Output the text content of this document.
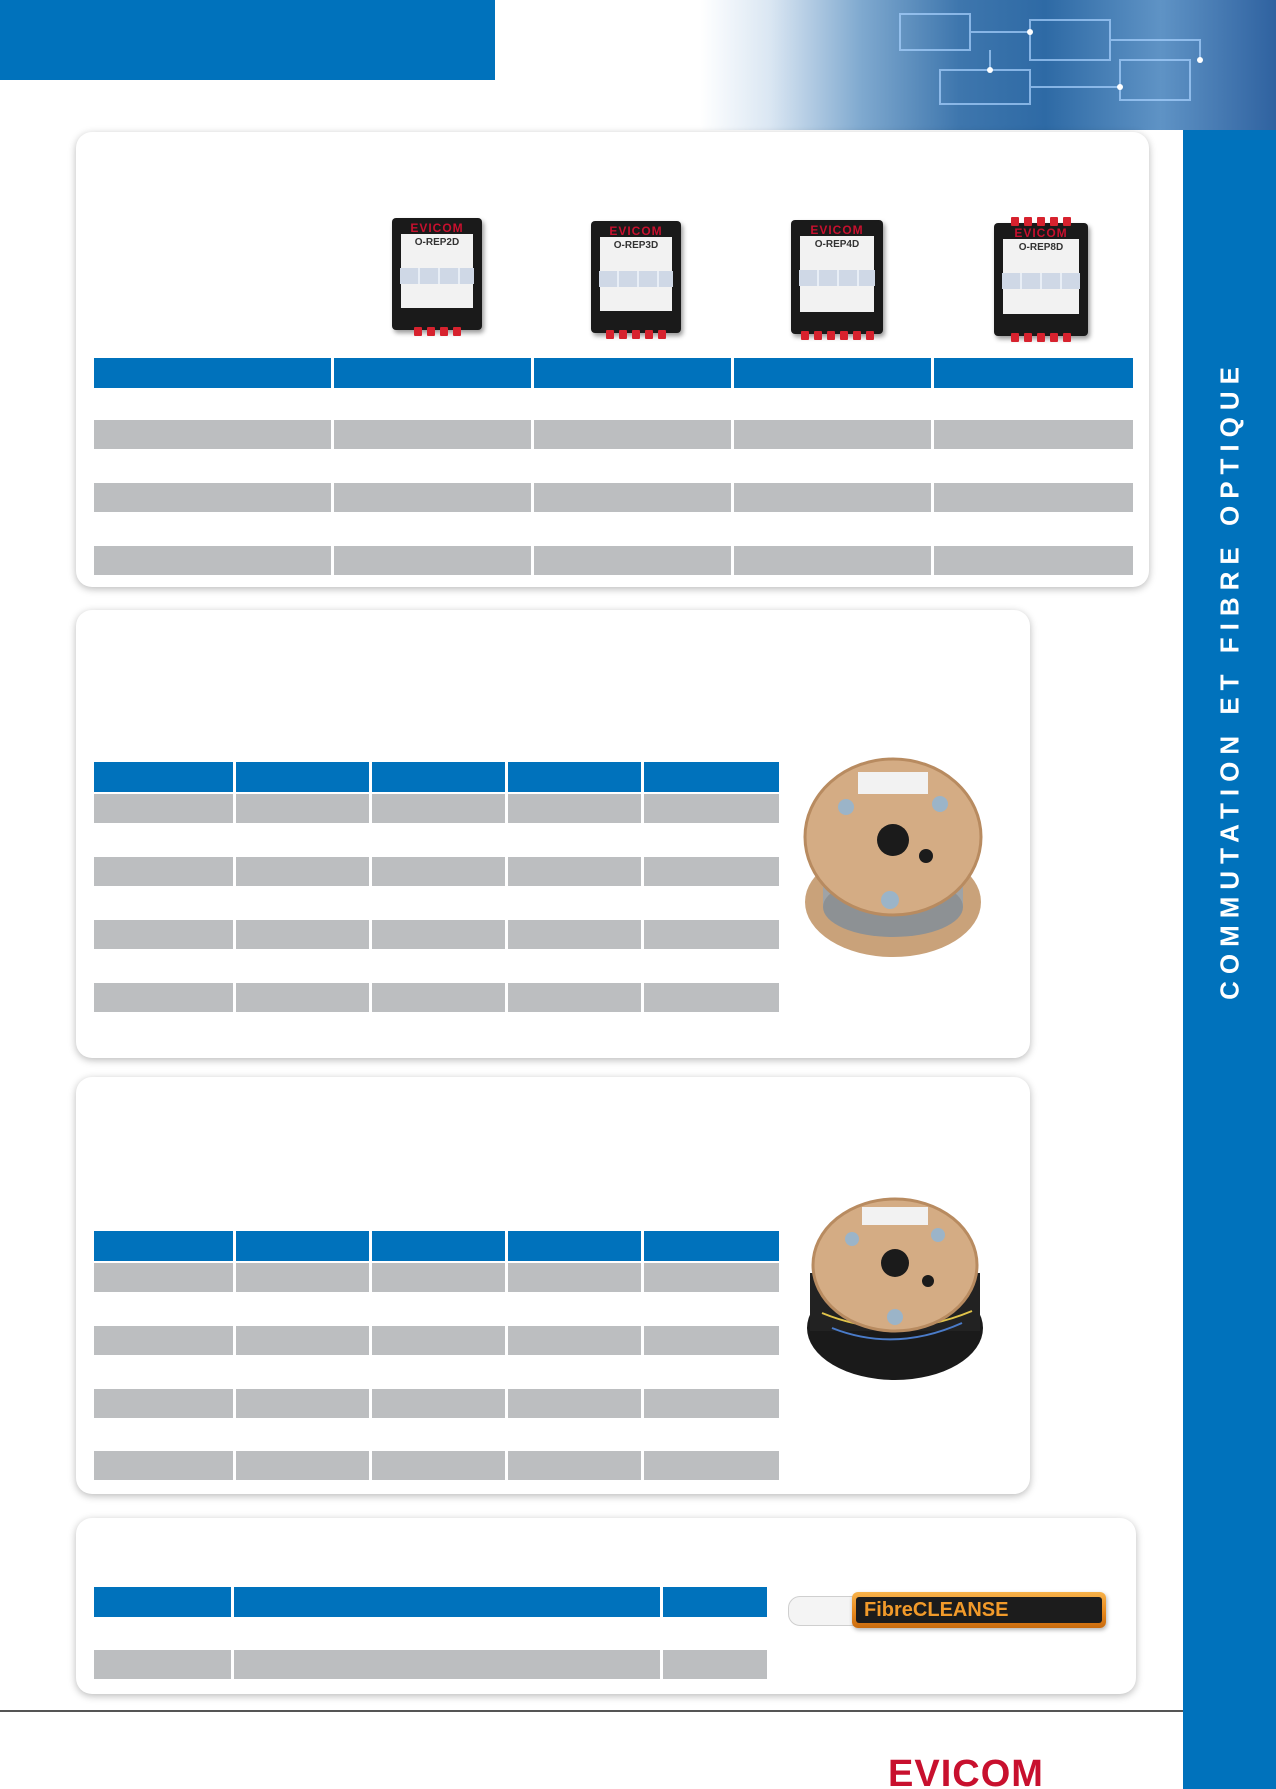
COMMUTATION ET FIBRE OPTIQUE
EVICOM
O-REP2D
EVICOM
O-REP3D
EVICOM
O-REP4D
EVICOM
O-REP8D
FibreCLEANSE
EVICOM
